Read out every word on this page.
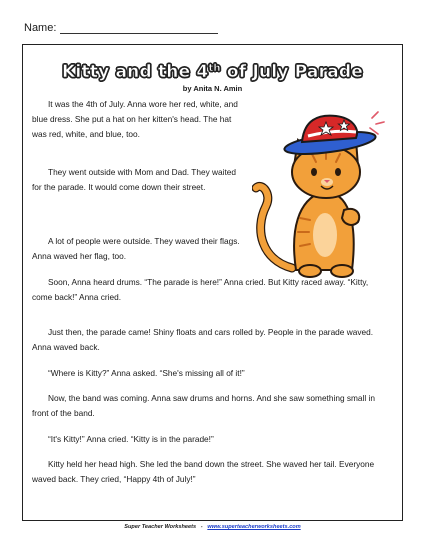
Name:
Kitty and the 4th of July Parade
by Anita N. Amin

It was the 4th of July. Anna wore her red, white, and blue dress. She put a hat on her kitten's head. The hat was red, white, and blue, too.

They went outside with Mom and Dad. They waited for the parade. It would come down their street.

A lot of people were outside. They waved their flags. Anna waved her flag, too.

Soon, Anna heard drums. “The parade is here!” Anna cried. But Kitty raced away. “Kitty, come back!” Anna cried.

Just then, the parade came! Shiny floats and cars rolled by. People in the parade waved. Anna waved back.

“Where is Kitty?” Anna asked. “She's missing all of it!”

Now, the band was coming. Anna saw drums and horns. And she saw something small in front of the band.

“It's Kitty!” Anna cried. “Kitty is in the parade!”

Kitty held her head high. She led the band down the street. She waved her tail. Everyone waved back. They cried, “Happy 4th of July!”

Super Teacher Worksheets - www.superteacherworksheets.com
